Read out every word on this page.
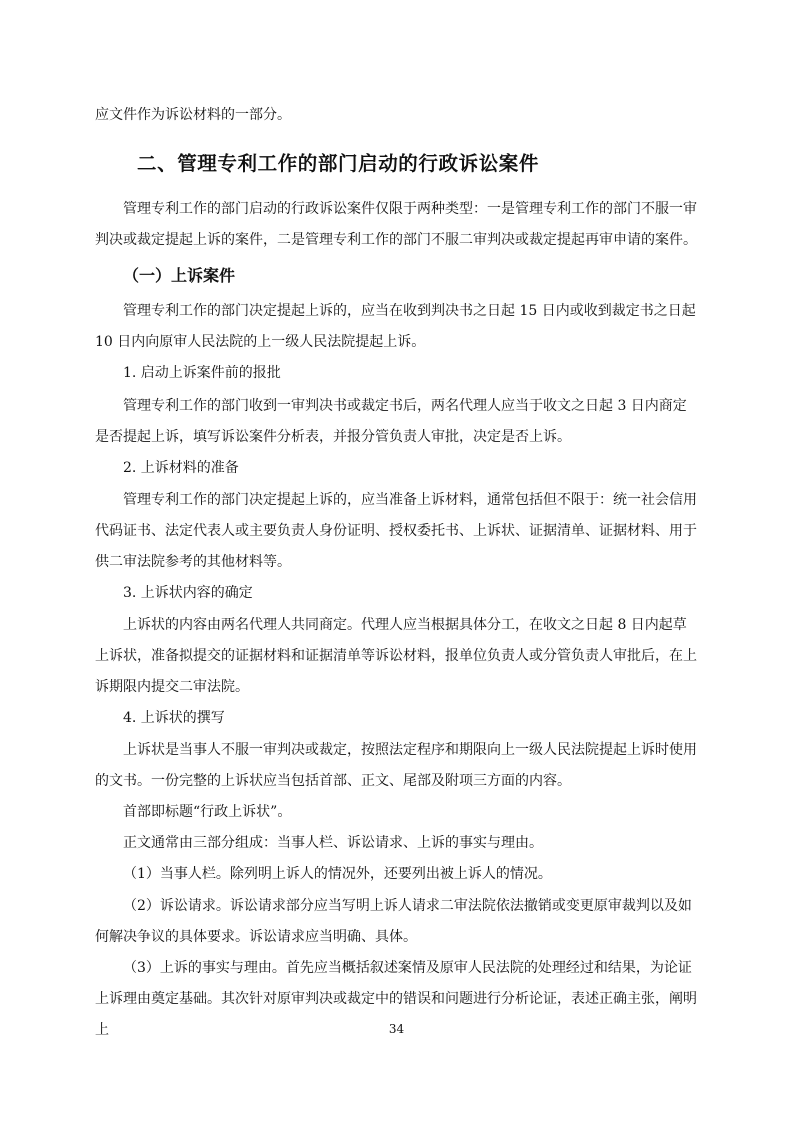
应文件作为诉讼材料的一部分。

二、管理专利工作的部门启动的行政诉讼案件

管理专利工作的部门启动的行政诉讼案件仅限于两种类型：一是管理专利工作的部门不服一审判决或裁定提起上诉的案件，二是管理专利工作的部门不服二审判决或裁定提起再审申请的案件。

（一）上诉案件

管理专利工作的部门决定提起上诉的，应当在收到判决书之日起 15 日内或收到裁定书之日起 10 日内向原审人民法院的上一级人民法院提起上诉。

1. 启动上诉案件前的报批

管理专利工作的部门收到一审判决书或裁定书后，两名代理人应当于收文之日起 3 日内商定是否提起上诉，填写诉讼案件分析表，并报分管负责人审批，决定是否上诉。

2. 上诉材料的准备

管理专利工作的部门决定提起上诉的，应当准备上诉材料，通常包括但不限于：统一社会信用代码证书、法定代表人或主要负责人身份证明、授权委托书、上诉状、证据清单、证据材料、用于供二审法院参考的其他材料等。

3. 上诉状内容的确定

上诉状的内容由两名代理人共同商定。代理人应当根据具体分工，在收文之日起 8 日内起草上诉状，准备拟提交的证据材料和证据清单等诉讼材料，报单位负责人或分管负责人审批后，在上诉期限内提交二审法院。

4. 上诉状的撰写

上诉状是当事人不服一审判决或裁定，按照法定程序和期限向上一级人民法院提起上诉时使用的文书。一份完整的上诉状应当包括首部、正文、尾部及附项三方面的内容。

首部即标题“行政上诉状”。

正文通常由三部分组成：当事人栏、诉讼请求、上诉的事实与理由。

（1）当事人栏。除列明上诉人的情况外，还要列出被上诉人的情况。

（2）诉讼请求。诉讼请求部分应当写明上诉人请求二审法院依法撤销或变更原审裁判以及如何解决争议的具体要求。诉讼请求应当明确、具体。

（3）上诉的事实与理由。首先应当概括叙述案情及原审人民法院的处理经过和结果，为论证上诉理由奠定基础。其次针对原审判决或裁定中的错误和问题进行分析论证，表述正确主张，阐明上	34
